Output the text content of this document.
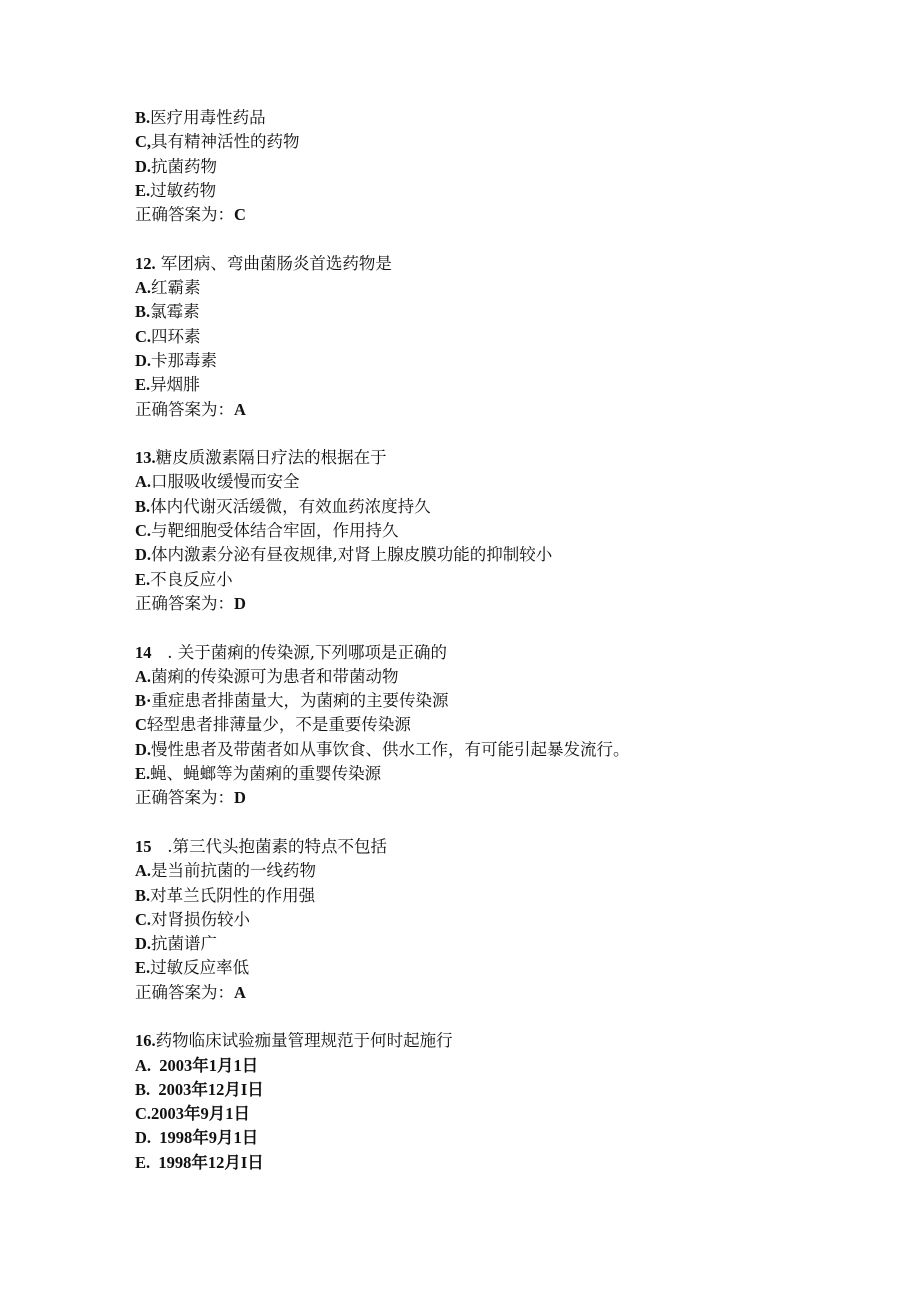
B.医疗用毒性药品
C,具有精神活性的药物
D.抗菌药物
E.过敏药物
正确答案为：C
12. 军团病、弯曲菌肠炎首选药物是
A.红霸素
B.氯霉素
C.四环素
D.卡那毒素
E.异烟腓
正确答案为：A
13.糖皮质激素隔日疗法的根据在于
A.口服吸收缓慢而安全
B.体内代谢灭活缓微，有效血药浓度持久
C.与靶细胞受体结合牢固，作用持久
D.体内激素分泌有昼夜规律,对肾上腺皮膜功能的抑制较小
E.不良反应小
正确答案为：D
14   . 关于菌痢的传染源,下列哪项是正确的
A.菌痢的传染源可为患者和带菌动物
B·重症患者排菌量大，为菌痢的主要传染源
C轻型患者排薄量少，不是重要传染源
D.慢性患者及带菌者如从事饮食、供水工作，有可能引起暴发流行。
E.蝇、蝇螂等为菌痢的重婴传染源
正确答案为：D
15   .第三代头抱菌素的特点不包括
A.是当前抗菌的一线药物
B.对革兰氏阴性的作用强
C.对肾损伤较小
D.抗菌谱广
E.过敏反应率低
正确答案为：A
16.药物临床试验痂量管理规范于何时起施行
A.  2003年1月1日
B.  2003年12月I日
C.2003年9月1日
D.  1998年9月1日
E.  1998年12月I日
